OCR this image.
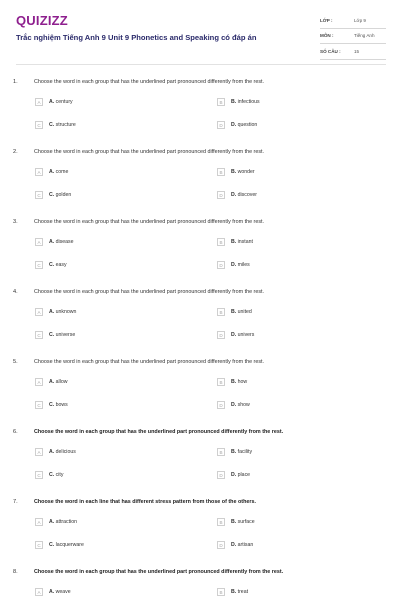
QUIZIZZ
Trắc nghiệm Tiếng Anh 9 Unit 9 Phonetics and Speaking có đáp án
LỚP :	Lớp 9
MÔN :	Tiếng Anh
SỐ CÂU :	15
1.	Choose the word in each group that has the underlined part pronounced differently from the rest.
A	A. century	B	B. infectious
C	C. structure	D	D. question
2.	Choose the word in each group that has the underlined part pronounced differently from the rest.
A	A. come	B	B. wonder
C	C. golden	D	D. discover
3.	Choose the word in each group that has the underlined part pronounced differently from the rest.
A	A. disease	B	B. instant
C	C. easy	D	D. miles
4.	Choose the word in each group that has the underlined part pronounced differently from the rest.
A	A. unknown	B	B. united
C	C. universe	D	D. univers
5.	Choose the word in each group that has the underlined part pronounced differently from the rest.
A	A. allow	B	B. how
C	C. bows	D	D. show
6.	Choose the word in each group that has the underlined part pronounced differently from the rest.
A	A. delicious	B	B. facility
C	C. city	D	D. place
7.	Choose the word in each line that has different stress pattern from those of the others.
A	A. attraction	B	B. surface
C	C. lacquerware	D	D. artisan
8.	Choose the word in each group that has the underlined part pronounced differently from the rest.
A	A. weave	B	B. treat
